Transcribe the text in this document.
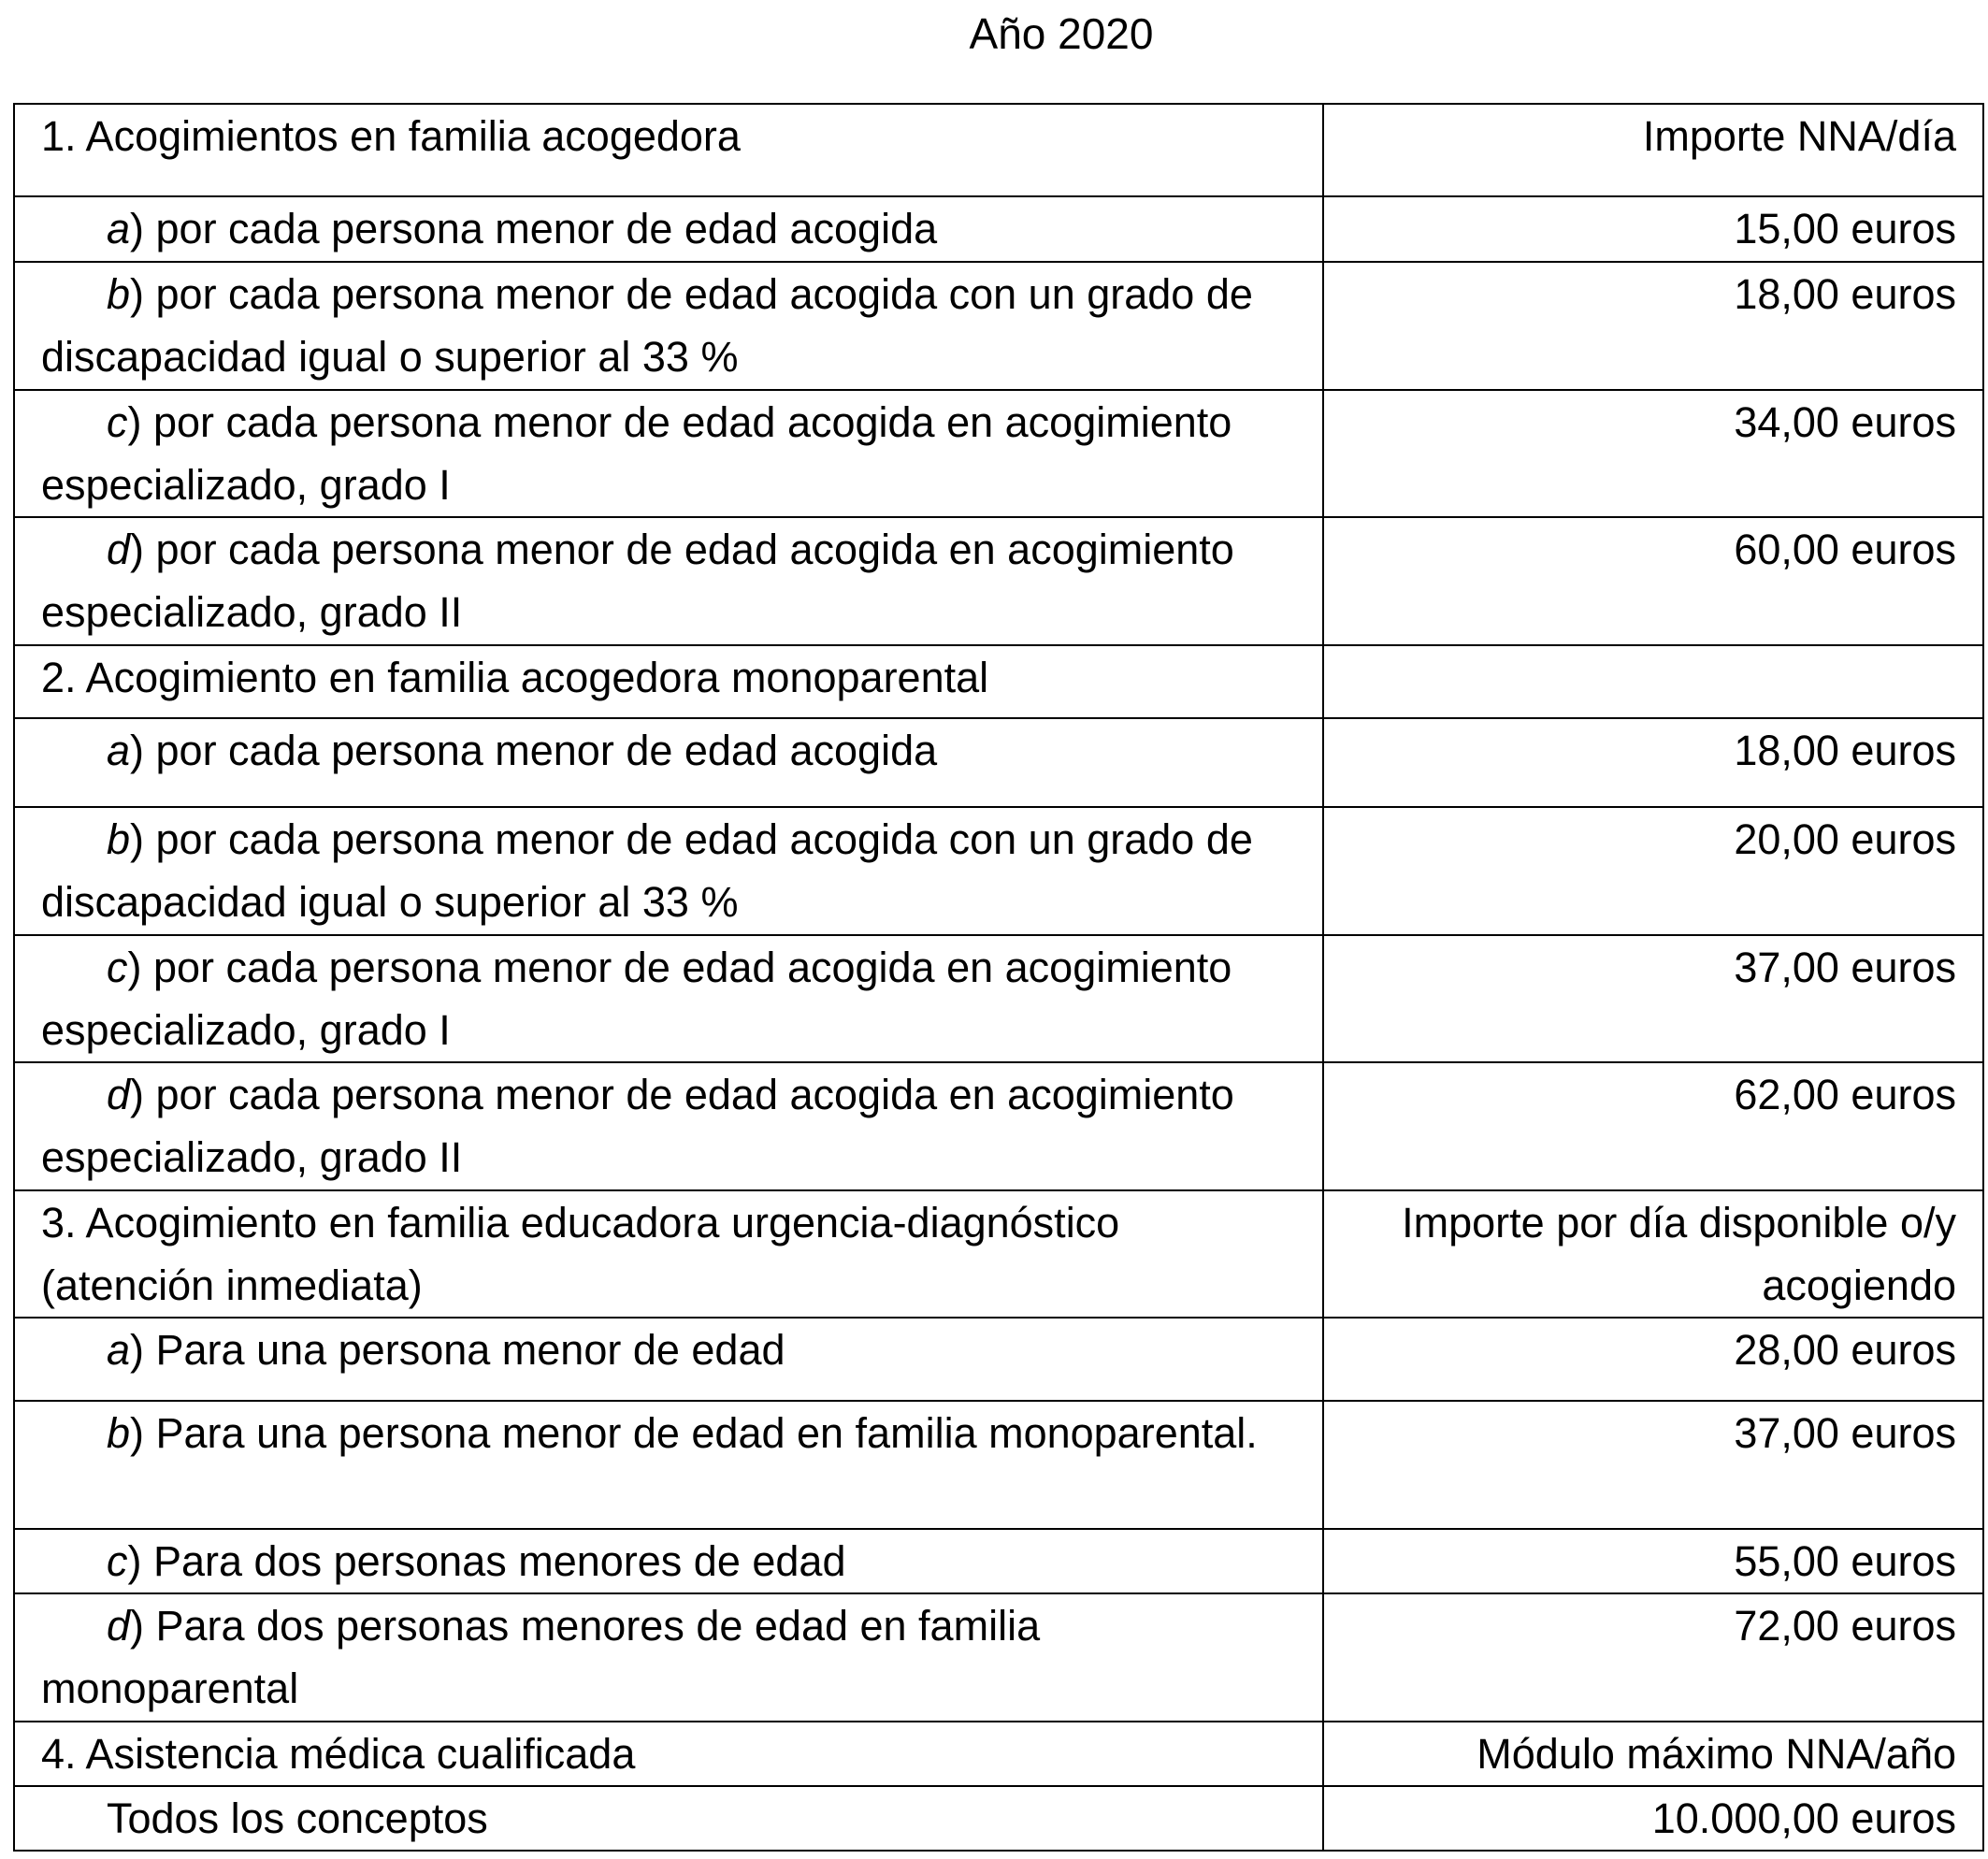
Año 2020
1. Acogimientos en familia acogedora	Importe NNA/día
a) por cada persona menor de edad acogida	15,00 euros
b) por cada persona menor de edad acogida con un grado de discapacidad igual o superior al 33 %	18,00 euros
c) por cada persona menor de edad acogida en acogimiento especializado, grado I	34,00 euros
d) por cada persona menor de edad acogida en acogimiento especializado, grado II	60,00 euros
2. Acogimiento en familia acogedora monoparental	
a) por cada persona menor de edad acogida	18,00 euros
b) por cada persona menor de edad acogida con un grado de discapacidad igual o superior al 33 %	20,00 euros
c) por cada persona menor de edad acogida en acogimiento especializado, grado I	37,00 euros
d) por cada persona menor de edad acogida en acogimiento especializado, grado II	62,00 euros
3. Acogimiento en familia educadora urgencia-diagnóstico (atención inmediata)	Importe por día disponible o/y acogiendo
a) Para una persona menor de edad	28,00 euros
b) Para una persona menor de edad en familia monoparental.	37,00 euros
c) Para dos personas menores de edad	55,00 euros
d) Para dos personas menores de edad en familia monoparental	72,00 euros
4. Asistencia médica cualificada	Módulo máximo NNA/año
Todos los conceptos	10.000,00 euros
